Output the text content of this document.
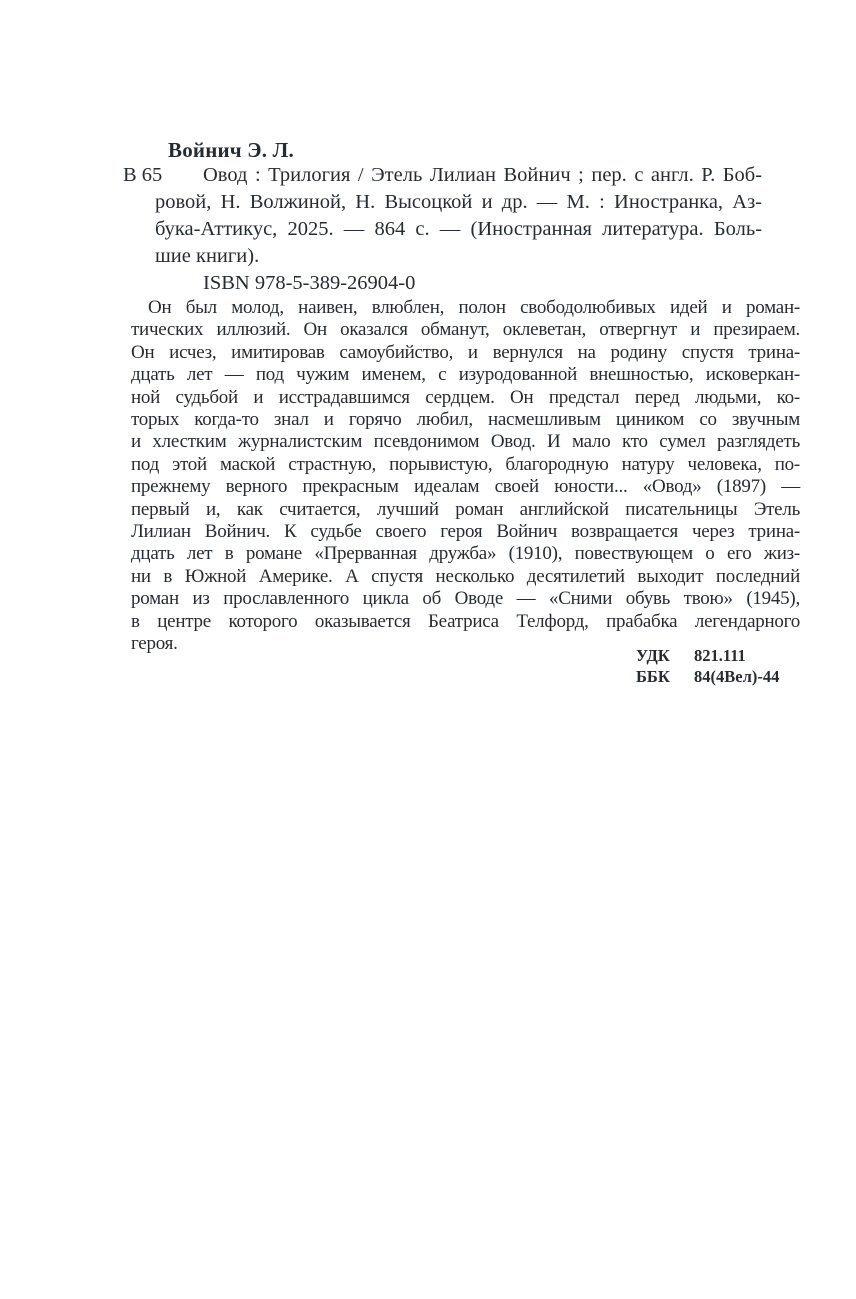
Войнич Э. Л.
В 65	Овод : Трилогия / Этель Лилиан Войнич ; пер. с англ. Р. Боб-
ровой, Н. Волжиной, Н. Высоцкой и др. — М. : Иностранка, Аз-
бука-Аттикус, 2025. — 864 с. — (Иностранная литература. Боль-
шие книги).
ISBN 978-5-389-26904-0
Он был молод, наивен, влюблен, полон свободолюбивых идей и роман-
тических иллюзий. Он оказался обманут, оклеветан, отвергнут и презираем.
Он исчез, имитировав самоубийство, и вернулся на родину спустя трина-
дцать лет — под чужим именем, с изуродованной внешностью, исковеркан-
ной судьбой и исстрадавшимся сердцем. Он предстал перед людьми, ко-
торых когда-то знал и горячо любил, насмешливым циником со звучным
и хлестким журналистским псевдонимом Овод. И мало кто сумел разглядеть
под этой маской страстную, порывистую, благородную натуру человека, по-
прежнему верного прекрасным идеалам своей юности... «Овод» (1897) —
первый и, как считается, лучший роман английской писательницы Этель
Лилиан Войнич. К судьбе своего героя Войнич возвращается через трина-
дцать лет в романе «Прерванная дружба» (1910), повествующем о его жиз-
ни в Южной Америке. А спустя несколько десятилетий выходит последний
роман из прославленного цикла об Оводе — «Сними обувь твою» (1945),
в центре которого оказывается Беатриса Телфорд, прабабка легендарного
героя.
УДК	821.111
ББК	84(4Вел)-44
